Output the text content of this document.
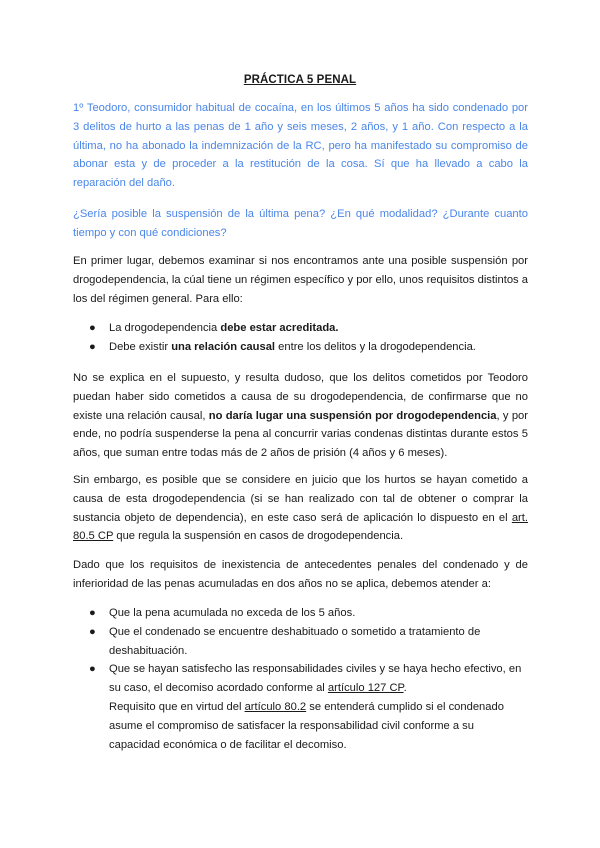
PRÁCTICA 5 PENAL

1º Teodoro, consumidor habitual de cocaína, en los últimos 5 años ha sido condenado por 3 delitos de hurto a las penas de 1 año y seis meses, 2 años, y 1 año. Con respecto a la última, no ha abonado la indemnización de la RC, pero ha manifestado su compromiso de abonar esta y de proceder a la restitución de la cosa. Sí que ha llevado a cabo la reparación del daño.

¿Sería posible la suspensión de la última pena? ¿En qué modalidad? ¿Durante cuanto tiempo y con qué condiciones?

En primer lugar, debemos examinar si nos encontramos ante una posible suspensión por drogodependencia, la cúal tiene un régimen específico y por ello, unos requisitos distintos a los del régimen general. Para ello:

● La drogodependencia debe estar acreditada.
● Debe existir una relación causal entre los delitos y la drogodependencia.

No se explica en el supuesto, y resulta dudoso, que los delitos cometidos por Teodoro puedan haber sido cometidos a causa de su drogodependencia, de confirmarse que no existe una relación causal, no daría lugar una suspensión por drogodependencia, y por ende, no podría suspenderse la pena al concurrir varias condenas distintas durante estos 5 años, que suman entre todas más de 2 años de prisión (4 años y 6 meses).

Sin embargo, es posible que se considere en juicio que los hurtos se hayan cometido a causa de esta drogodependencia (si se han realizado con tal de obtener o comprar la sustancia objeto de dependencia), en este caso será de aplicación lo dispuesto en el art. 80.5 CP que regula la suspensión en casos de drogodependencia.

Dado que los requisitos de inexistencia de antecedentes penales del condenado y de inferioridad de las penas acumuladas en dos años no se aplica, debemos atender a:

● Que la pena acumulada no exceda de los 5 años.
● Que el condenado se encuentre deshabituado o sometido a tratamiento de deshabituación.
● Que se hayan satisfecho las responsabilidades civiles y se haya hecho efectivo, en su caso, el decomiso acordado conforme al artículo 127 CP.
Requisito que en virtud del artículo 80.2 se entenderá cumplido si el condenado asume el compromiso de satisfacer la responsabilidad civil conforme a su capacidad económica o de facilitar el decomiso.
